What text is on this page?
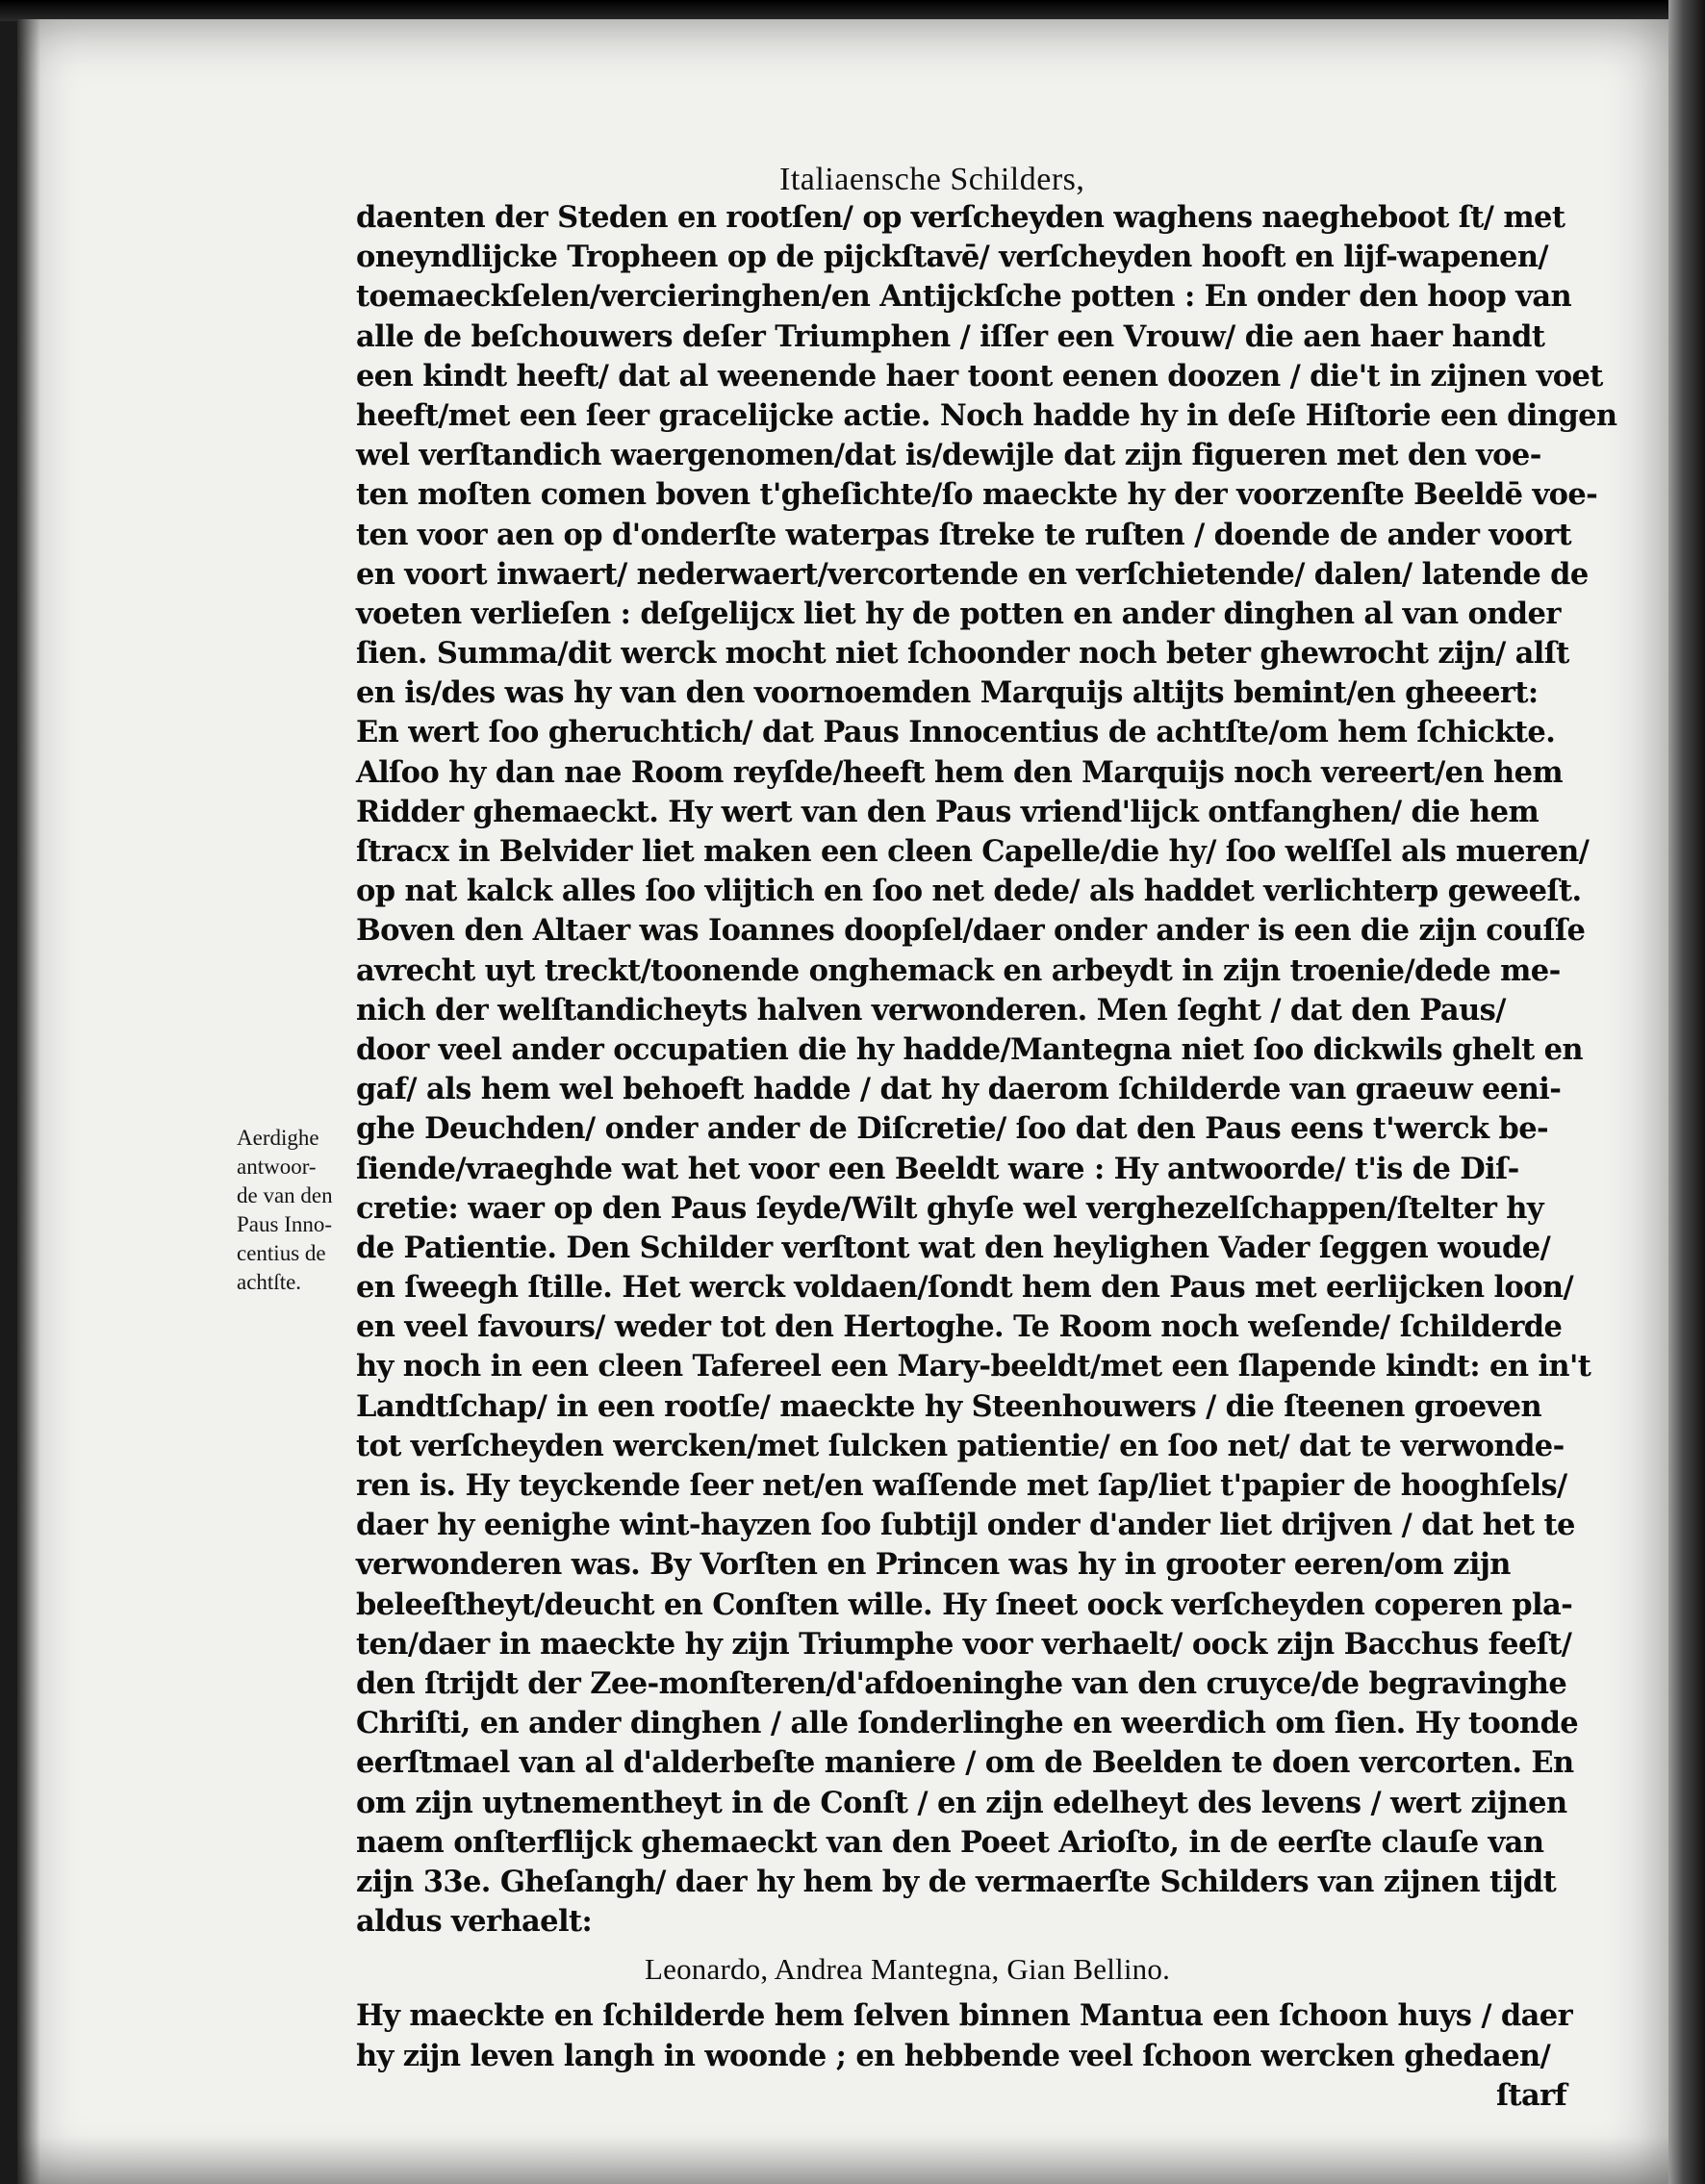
Italiaensche Schilders,
Aerdighe
antwoor-
de van den
Paus Inno-
centius de
achtſte.
daenten der Steden en rootſen/ op verſcheyden waghens naegheboot ſt/ met
oneyndlijcke Tropheen op de pijckſtavē/ verſcheyden hooft en lijf-wapenen/
toemaeckſelen/vercieringhen/en Antijckſche potten : En onder den hoop van
alle de beſchouwers deſer Triumphen / iſſer een Vrouw/ die aen haer handt
een kindt heeft/ dat al weenende haer toont eenen doozen / die't in zijnen voet
heeft/met een ſeer gracelijcke actie. Noch hadde hy in deſe Hiſtorie een dingen
wel verſtandich waergenomen/dat is/dewijle dat zijn figueren met den voe-
ten moſten comen boven t'gheſichte/ſo maeckte hy der voorzenſte Beeldē voe-
ten voor aen op d'onderſte waterpas ſtreke te ruſten / doende de ander voort
en voort inwaert/ nederwaert/vercortende en verſchietende/ dalen/ latende de
voeten verlieſen : deſgelijcx liet hy de potten en ander dinghen al van onder
ſien. Summa/dit werck mocht niet ſchoonder noch beter ghewrocht zijn/ alſt
en is/des was hy van den voornoemden Marquijs altijts bemint/en gheeert:
En wert ſoo gheruchtich/ dat Paus Innocentius de achtſte/om hem ſchickte.
Alſoo hy dan nae Room reyſde/heeft hem den Marquijs noch vereert/en hem
Ridder ghemaeckt. Hy wert van den Paus vriend'lijck ontfanghen/ die hem
ſtracx in Belvider liet maken een cleen Capelle/die hy/ ſoo welſſel als mueren/
op nat kalck alles ſoo vlijtich en ſoo net dede/ als haddet verlichterp geweeſt.
Boven den Altaer was Ioannes doopſel/daer onder ander is een die zijn couſſe
avrecht uyt treckt/toonende onghemack en arbeydt in zijn troenie/dede me-
nich der welſtandicheyts halven verwonderen. Men ſeght / dat den Paus/
door veel ander occupatien die hy hadde/Mantegna niet ſoo dickwils ghelt en
gaf/ als hem wel behoeft hadde / dat hy daerom ſchilderde van graeuw eeni-
ghe Deuchden/ onder ander de Diſcretie/ ſoo dat den Paus eens t'werck be-
ſiende/vraeghde wat het voor een Beeldt ware : Hy antwoorde/ t'is de Diſ-
cretie: waer op den Paus ſeyde/Wilt ghyſe wel verghezelſchappen/ſtelter hy
de Patientie. Den Schilder verſtont wat den heylighen Vader ſeggen woude/
en ſweegh ſtille. Het werck voldaen/ſondt hem den Paus met eerlijcken loon/
en veel favours/ weder tot den Hertoghe. Te Room noch weſende/ ſchilderde
hy noch in een cleen Tafereel een Mary-beeldt/met een ſlapende kindt: en in't
Landtſchap/ in een rootſe/ maeckte hy Steenhouwers / die ſteenen groeven
tot verſcheyden wercken/met ſulcken patientie/ en ſoo net/ dat te verwonde-
ren is. Hy teyckende ſeer net/en waſſende met ſap/liet t'papier de hooghſels/
daer hy eenighe wint-hayzen ſoo ſubtijl onder d'ander liet drijven / dat het te
verwonderen was. By Vorſten en Princen was hy in grooter eeren/om zijn
beleeſtheyt/deucht en Conſten wille. Hy ſneet oock verſcheyden coperen pla-
ten/daer in maeckte hy zijn Triumphe voor verhaelt/ oock zijn Bacchus feeſt/
den ſtrijdt der Zee-monſteren/d'afdoeninghe van den cruyce/de begravinghe
Chriſti, en ander dinghen / alle ſonderlinghe en weerdich om ſien. Hy toonde
eerſtmael van al d'alderbeſte maniere / om de Beelden te doen vercorten. En
om zijn uytnementheyt in de Conſt / en zijn edelheyt des levens / wert zijnen
naem onſterflijck ghemaeckt van den Poeet Arioſto, in de eerſte clauſe van
zijn 33e. Gheſangh/ daer hy hem by de vermaerſte Schilders van zijnen tijdt
aldus verhaelt:
Leonardo, Andrea Mantegna, Gian Bellino.
Hy maeckte en ſchilderde hem ſelven binnen Mantua een ſchoon huys / daer
hy zijn leven langh in woonde ; en hebbende veel ſchoon wercken ghedaen/
ſtarf
